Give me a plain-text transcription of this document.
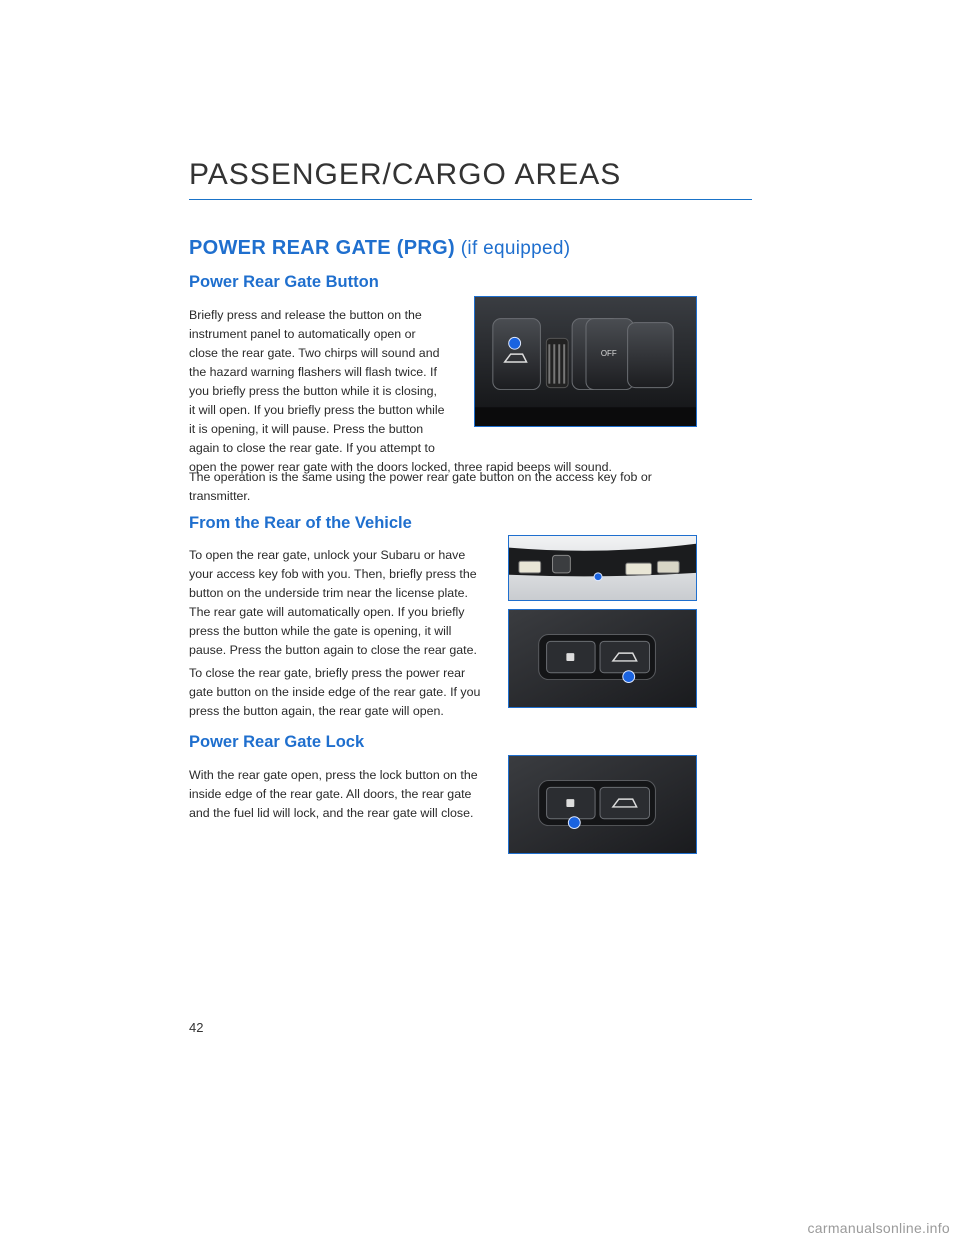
PASSENGER/CARGO AREAS
POWER REAR GATE (PRG) (if equipped)
Power Rear Gate Button

Briefly press and release the button on the
instrument panel to automatically open or
close the rear gate. Two chirps will sound and
the hazard warning flashers will flash twice. If
you briefly press the button while it is closing,
it will open. If you briefly press the button while
it is opening, it will pause. Press the button
again to close the rear gate. If you attempt to
open the power rear gate with the doors locked, three rapid beeps will sound.

The operation is the same using the power rear gate button on the access key fob or
transmitter.

OFF
From the Rear of the Vehicle

To open the rear gate, unlock your Subaru or have
your access key fob with you. Then, briefly press the
button on the underside trim near the license plate.
The rear gate will automatically open. If you briefly
press the button while the gate is opening, it will
pause. Press the button again to close the rear gate.

To close the rear gate, briefly press the power rear
gate button on the inside edge of the rear gate. If you
press the button again, the rear gate will open.

Power Rear Gate Lock

With the rear gate open, press the lock button on the
inside edge of the rear gate. All doors, the rear gate
and the fuel lid will lock, and the rear gate will close.

42
carmanualsonline.info
